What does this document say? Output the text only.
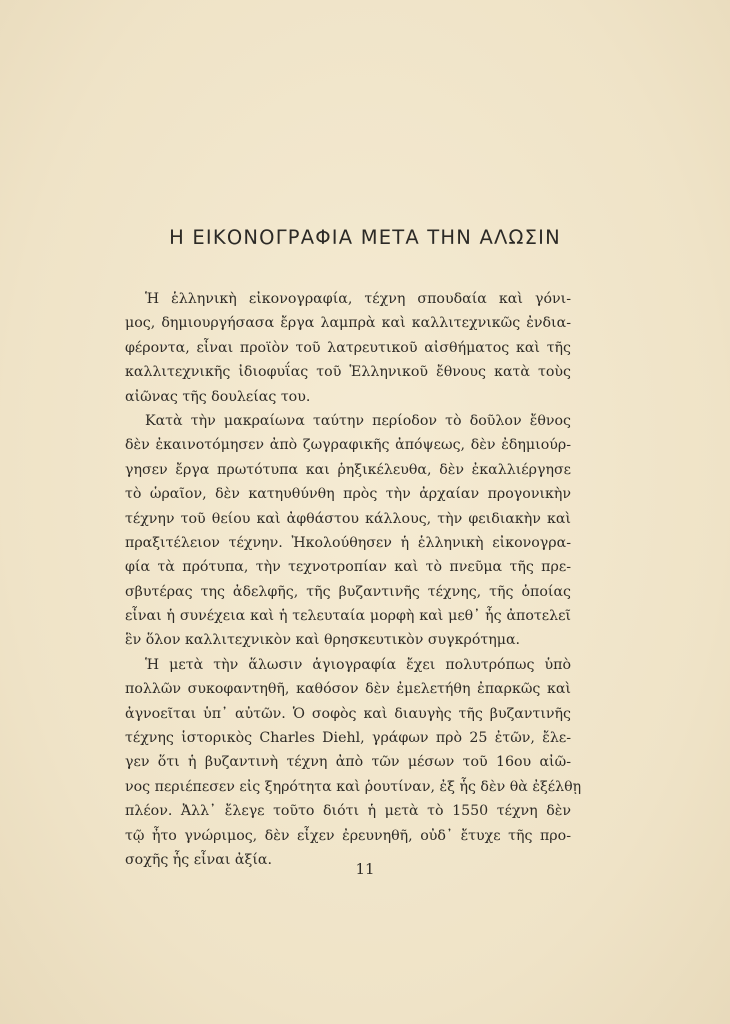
Η ΕΙΚΟΝΟΓΡΑΦΙΑ ΜΕΤΑ ΤΗΝ ΑΛΩΣΙΝ
Ἡ ἑλληνικὴ εἰκονογραφία, τέχνη σπουδαία καὶ γόνι-
μος, δημιουργήσασα ἔργα λαμπρὰ καὶ καλλιτεχνικῶς ἐνδια-
φέροντα, εἶναι προϊὸν τοῦ λατρευτικοῦ αἰσθήματος καὶ τῆς
καλλιτεχνικῆς ἰδιοφυΐας τοῦ Ἑλληνικοῦ ἔθνους κατὰ τοὺς
αἰῶνας τῆς δουλείας του.
Κατὰ τὴν μακραίωνα ταύτην περίοδον τὸ δοῦλον ἔθνος
δὲν ἐκαινοτόμησεν ἀπὸ ζωγραφικῆς ἀπόψεως, δὲν ἐδημιούρ-
γησεν ἔργα πρωτότυπα και ῥηξικέλευθα, δὲν ἐκαλλιέργησε
τὸ ὡραῖον, δὲν κατηυθύνθη πρὸς τὴν ἀρχαίαν προγονικὴν
τέχνην τοῦ θείου καὶ ἀφθάστου κάλλους, τὴν φειδιακὴν καὶ
πραξιτέλειον τέχνην. Ἠκολούθησεν ἡ ἑλληνικὴ εἰκονογρα-
φία τὰ πρότυπα, τὴν τεχνοτροπίαν καὶ τὸ πνεῦμα τῆς πρε-
σβυτέρας της ἀδελφῆς, τῆς βυζαντινῆς τέχνης, τῆς ὁποίας
εἶναι ἡ συνέχεια καὶ ἡ τελευταία μορφὴ καὶ μεθ᾽ ἧς ἀποτελεῖ
ἓν ὅλον καλλιτεχνικὸν καὶ θρησκευτικὸν συγκρότημα.
Ἡ μετὰ τὴν ἅλωσιν ἁγιογραφία ἔχει πολυτρόπως ὑπὸ
πολλῶν συκοφαντηθῆ, καθόσον δὲν ἐμελετήθη ἐπαρκῶς καὶ
ἀγνοεῖται ὑπ᾽ αὐτῶν. Ὁ σοφὸς καὶ διαυγὴς τῆς βυζαντινῆς
τέχνης ἱστορικὸς Charles Diehl, γράφων πρὸ 25 ἐτῶν, ἔλε-
γεν ὅτι ἡ βυζαντινὴ τέχνη ἀπὸ τῶν μέσων τοῦ 16ου αἰῶ-
νος περιέπεσεν εἰς ξηρότητα καὶ ῥουτίναν, ἐξ ἧς δὲν θὰ ἐξέλθῃ
πλέον. Ἀλλ᾽ ἔλεγε τοῦτο διότι ἡ μετὰ τὸ 1550 τέχνη δὲν
τῷ ἦτο γνώριμος, δὲν εἶχεν ἐρευνηθῆ, οὐδ᾽ ἔτυχε τῆς προ-
σοχῆς ἧς εἶναι ἀξία.
11
